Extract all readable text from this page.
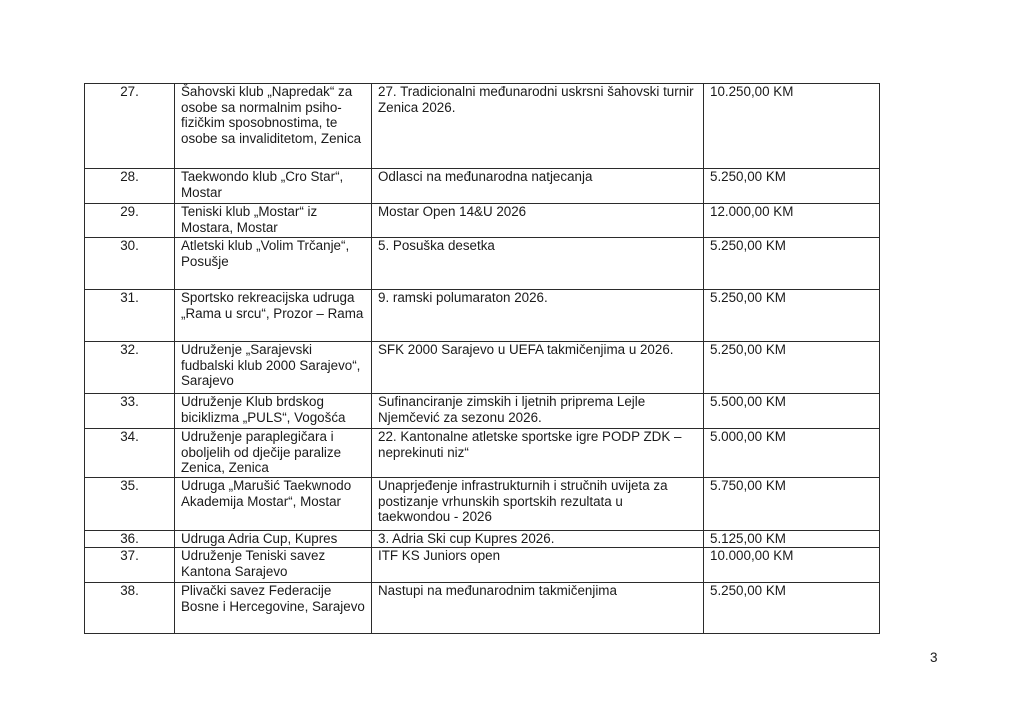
27.	Šahovski klub „Napredak“ za osobe sa normalnim psiho-fizičkim sposobnostima, te osobe sa invaliditetom, Zenica	27. Tradicionalni međunarodni uskrsni šahovski turnir Zenica 2026.	10.250,00 KM
28.	Taekwondo klub „Cro Star“, Mostar	Odlasci na međunarodna natjecanja	5.250,00 KM
29.	Teniski klub „Mostar“ iz Mostara, Mostar	Mostar Open 14&U 2026	12.000,00 KM
30.	Atletski klub „Volim Trčanje“, Posušje	5. Posuška desetka	5.250,00 KM
31.	Sportsko rekreacijska udruga „Rama u srcu“, Prozor – Rama	9. ramski polumaraton 2026.	5.250,00 KM
32.	Udruženje „Sarajevski fudbalski klub 2000 Sarajevo“, Sarajevo	SFK 2000 Sarajevo u UEFA takmičenjima u 2026.	5.250,00 KM
33.	Udruženje Klub brdskog biciklizma „PULS“, Vogošća	Sufinanciranje zimskih i ljetnih priprema Lejle Njemčević za sezonu 2026.	5.500,00 KM
34.	Udruženje paraplegičara i oboljelih od dječije paralize Zenica, Zenica	22. Kantonalne atletske sportske igre PODP ZDK – neprekinuti niz“	5.000,00 KM
35.	Udruga „Marušić Taekwnodo Akademija Mostar“, Mostar	Unaprjeđenje infrastrukturnih i stručnih uvijeta za postizanje vrhunskih sportskih rezultata u taekwondou - 2026	5.750,00 KM
36.	Udruga Adria Cup, Kupres	3. Adria Ski cup Kupres 2026.	5.125,00 KM
37.	Udruženje Teniski savez Kantona Sarajevo	ITF KS Juniors open	10.000,00 KM
38.	Plivački savez Federacije Bosne i Hercegovine, Sarajevo	Nastupi na međunarodnim takmičenjima	5.250,00 KM
3
